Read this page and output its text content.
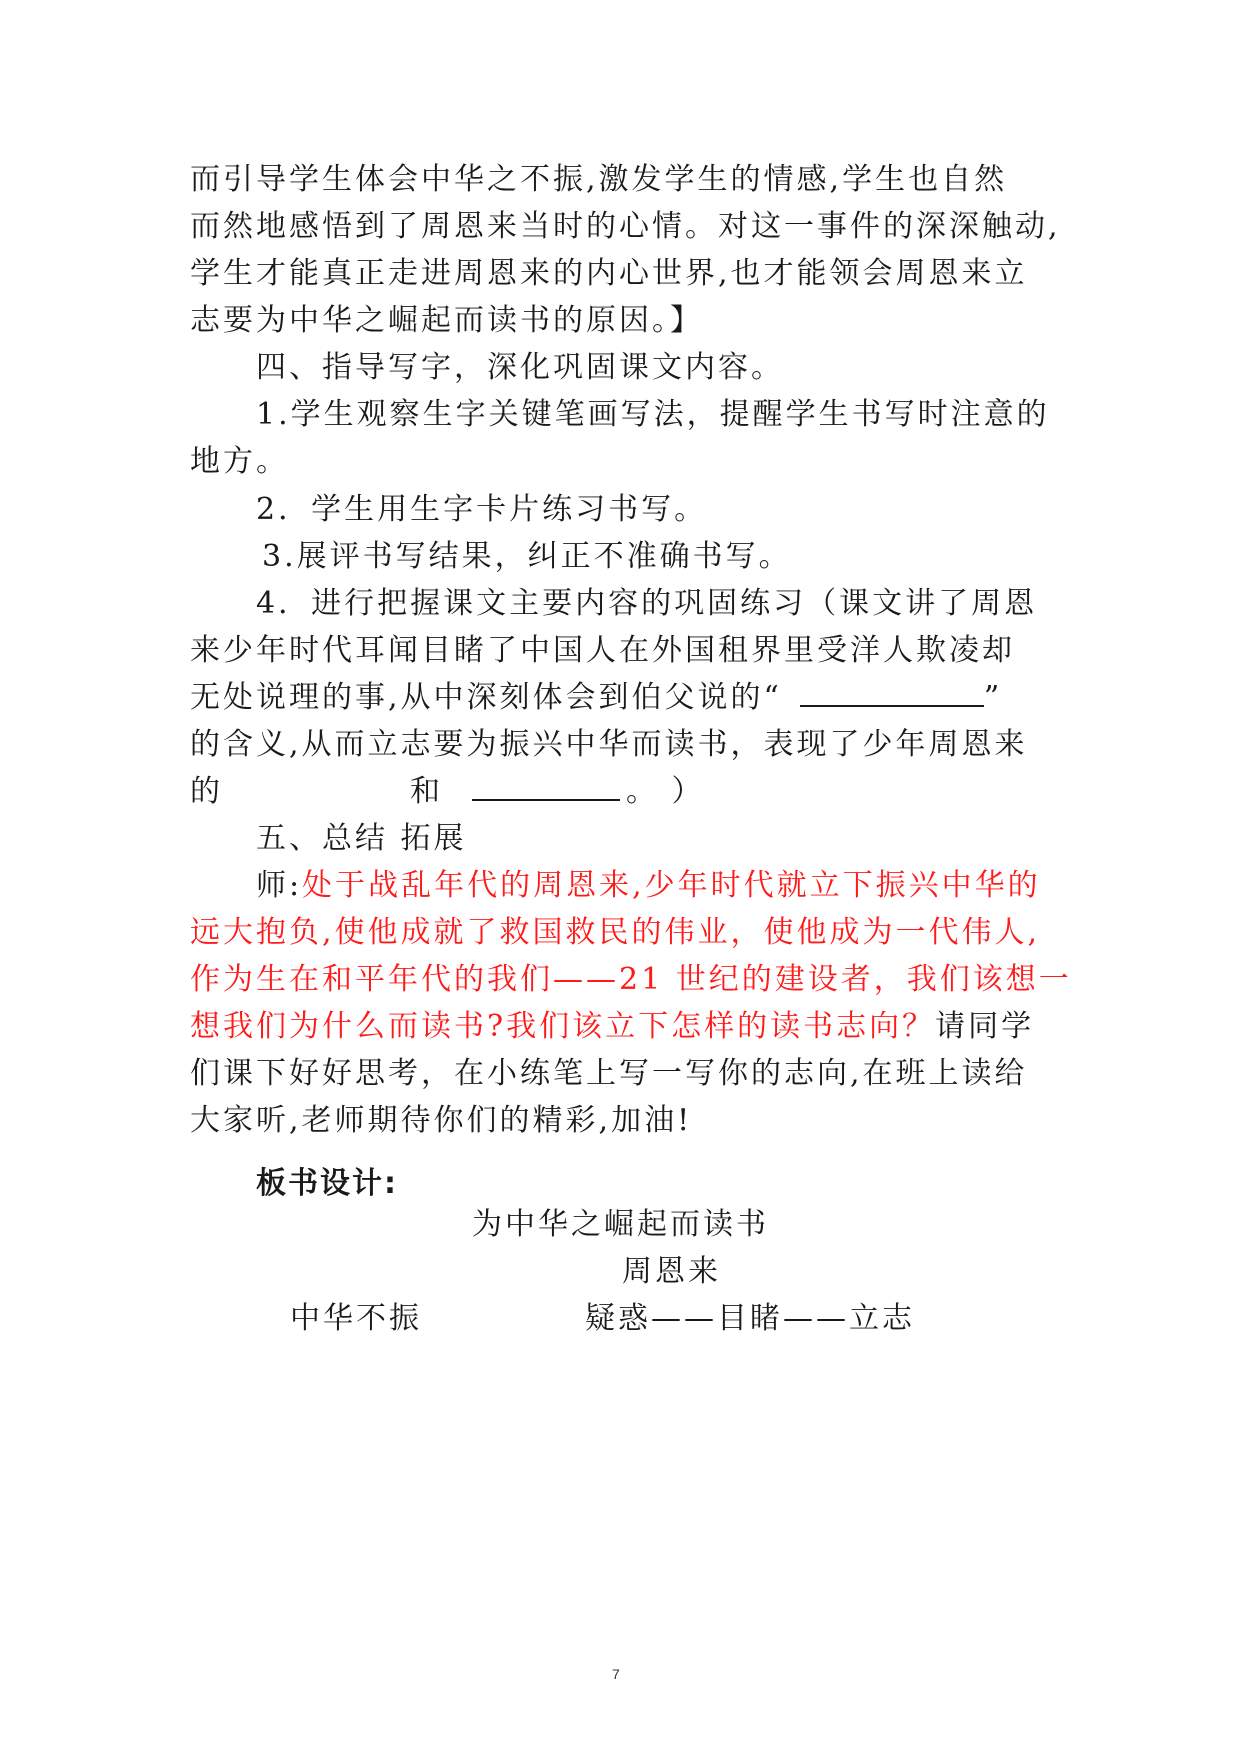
而引导学生体会中华之不振,激发学生的情感,学生也自然
而然地感悟到了周恩来当时的心情。对这一事件的深深触动,
学生才能真正走进周恩来的内心世界,也才能领会周恩来立
志要为中华之崛起而读书的原因。】
四、指导写字，深化巩固课文内容。
1.学生观察生字关键笔画写法，提醒学生书写时注意的
地方。
2．学生用生字卡片练习书写。
3.展评书写结果，纠正不准确书写。
4．进行把握课文主要内容的巩固练习（课文讲了周恩
来少年时代耳闻目睹了中国人在外国租界里受洋人欺凌却
无处说理的事,从中深刻体会到伯父说的“	”
的含义,从而立志要为振兴中华而读书，表现了少年周恩来
的	和	。 ）
五、总结 拓展
师:处于战乱年代的周恩来,少年时代就立下振兴中华的
远大抱负,使他成就了救国救民的伟业，使他成为一代伟人,
作为生在和平年代的我们——21 世纪的建设者，我们该想一
想我们为什么而读书?我们该立下怎样的读书志向？请同学
们课下好好思考，在小练笔上写一写你的志向,在班上读给
大家听,老师期待你们的精彩,加油!
板书设计:
为中华之崛起而读书
周恩来
中华不振	疑惑——目睹——立志
7
